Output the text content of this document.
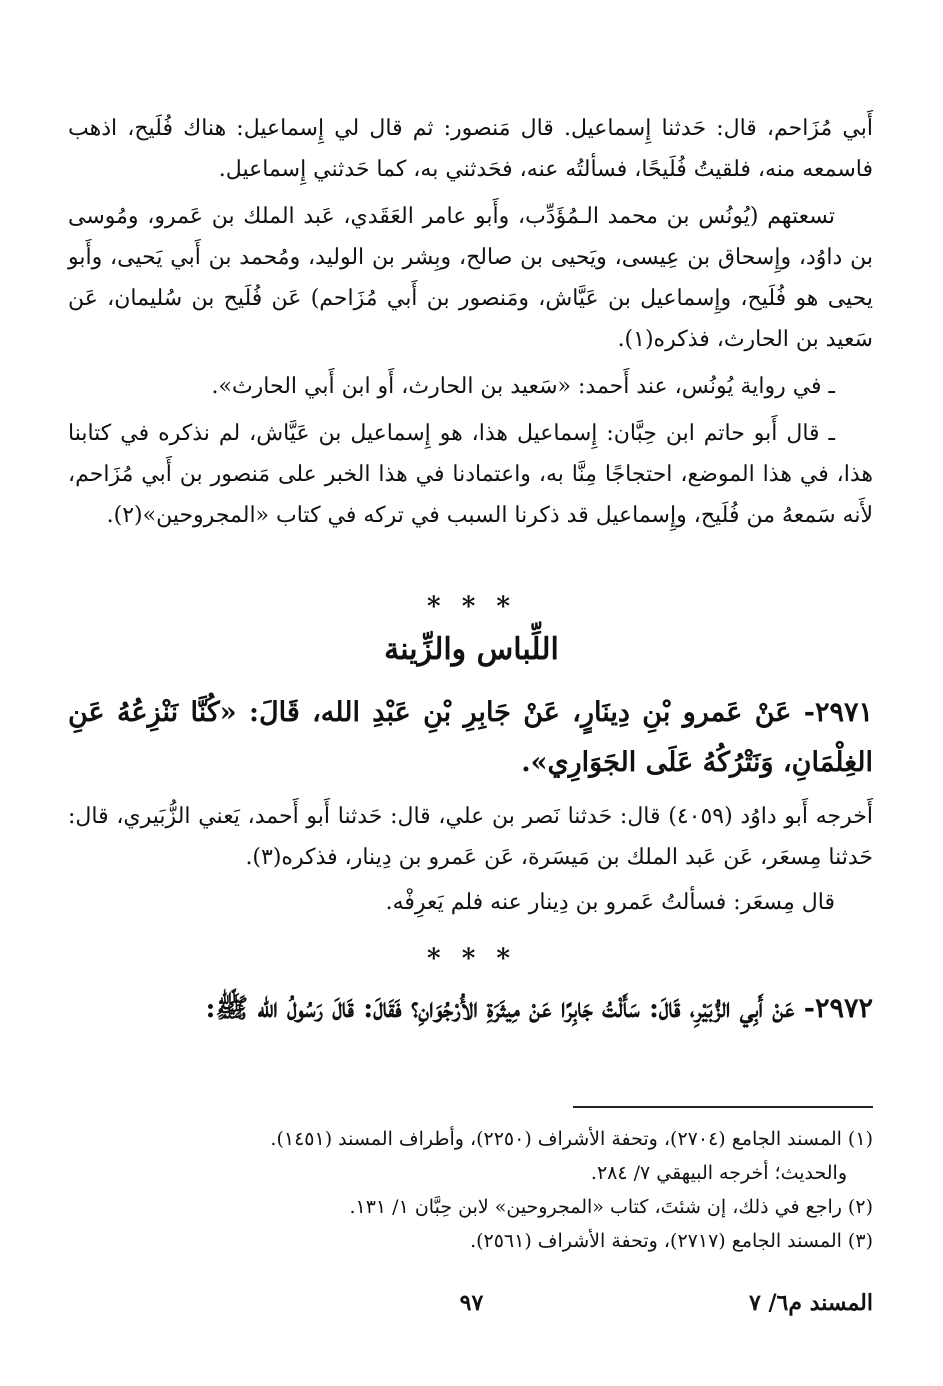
أَبي مُزَاحم، قال: حَدثنا إِسماعيل. قال مَنصور: ثم قال لي إِسماعيل: هناك فُلَيح، اذهب فاسمعه منه، فلقيتُ فُلَيحًا، فسألتُه عنه، فحَدثني به، كما حَدثني إِسماعيل.

تسعتهم (يُونُس بن محمد الـمُؤَدِّب، وأَبو عامر العَقَدي، عَبد الملك بن عَمرو، ومُوسى بن داوُد، وإِسحاق بن عِيسى، ويَحيى بن صالح، وبِشر بن الوليد، ومُحمد بن أَبي يَحيى، وأَبو يحيى هو فُلَيح، وإِسماعيل بن عَيَّاش، ومَنصور بن أَبي مُزَاحم) عَن فُلَيح بن سُليمان، عَن سَعيد بن الحارث، فذكره(١).

ـ في رواية يُونُس، عند أَحمد: «سَعيد بن الحارث، أَو ابن أَبي الحارث».

ـ قال أَبو حاتم ابن حِبَّان: إِسماعيل هذا، هو إِسماعيل بن عَيَّاش، لم نذكره في كتابنا هذا، في هذا الموضع، احتجاجًا مِنَّا به، واعتمادنا في هذا الخبر على مَنصور بن أَبي مُزَاحم، لأَنه سَمعهُ من فُلَيح، وإِسماعيل قد ذكرنا السبب في تركه في كتاب «المجروحين»(٢).

* * *
اللِّباس والزِّينة

٢٩٧١- عَنْ عَمرو بْنِ دِينَارٍ، عَنْ جَابِرِ بْنِ عَبْدِ الله، قَالَ: «كُنَّا نَنْزِعُهُ عَنِ الغِلْمَانِ، وَنَتْرُكُهُ عَلَى الجَوَارِي».

أَخرجه أَبو داوُد (٤٠٥٩) قال: حَدثنا نَصر بن علي، قال: حَدثنا أَبو أَحمد، يَعني الزُّبَيري، قال: حَدثنا مِسعَر، عَن عَبد الملك بن مَيسَرة، عَن عَمرو بن دِينار، فذكره(٣).

قال مِسعَر: فسألتُ عَمرو بن دِينار عنه فلم يَعرِفْه.

* * *

٢٩٧٢- عَنْ أَبِي الزُّبَيْرِ، قَالَ: سَأَلْتُ جَابِرًا عَنْ مِيثَرَةِ الأُرْجُوَانِ؟ فَقَالَ: قَالَ رَسُولُ الله ﷺ:

(١) المسند الجامع (٢٧٠٤)، وتحفة الأشراف (٢٢٥٠)، وأطراف المسند (١٤٥١).

والحديث؛ أخرجه البيهقي ٧/ ٢٨٤.

(٢) راجع في ذلك، إن شئتَ، كتاب «المجروحين» لابن حِبَّان ١/ ١٣١.

(٣) المسند الجامع (٢٧١٧)، وتحفة الأشراف (٢٥٦١).

المسند م٦/ ٧
٩٧
